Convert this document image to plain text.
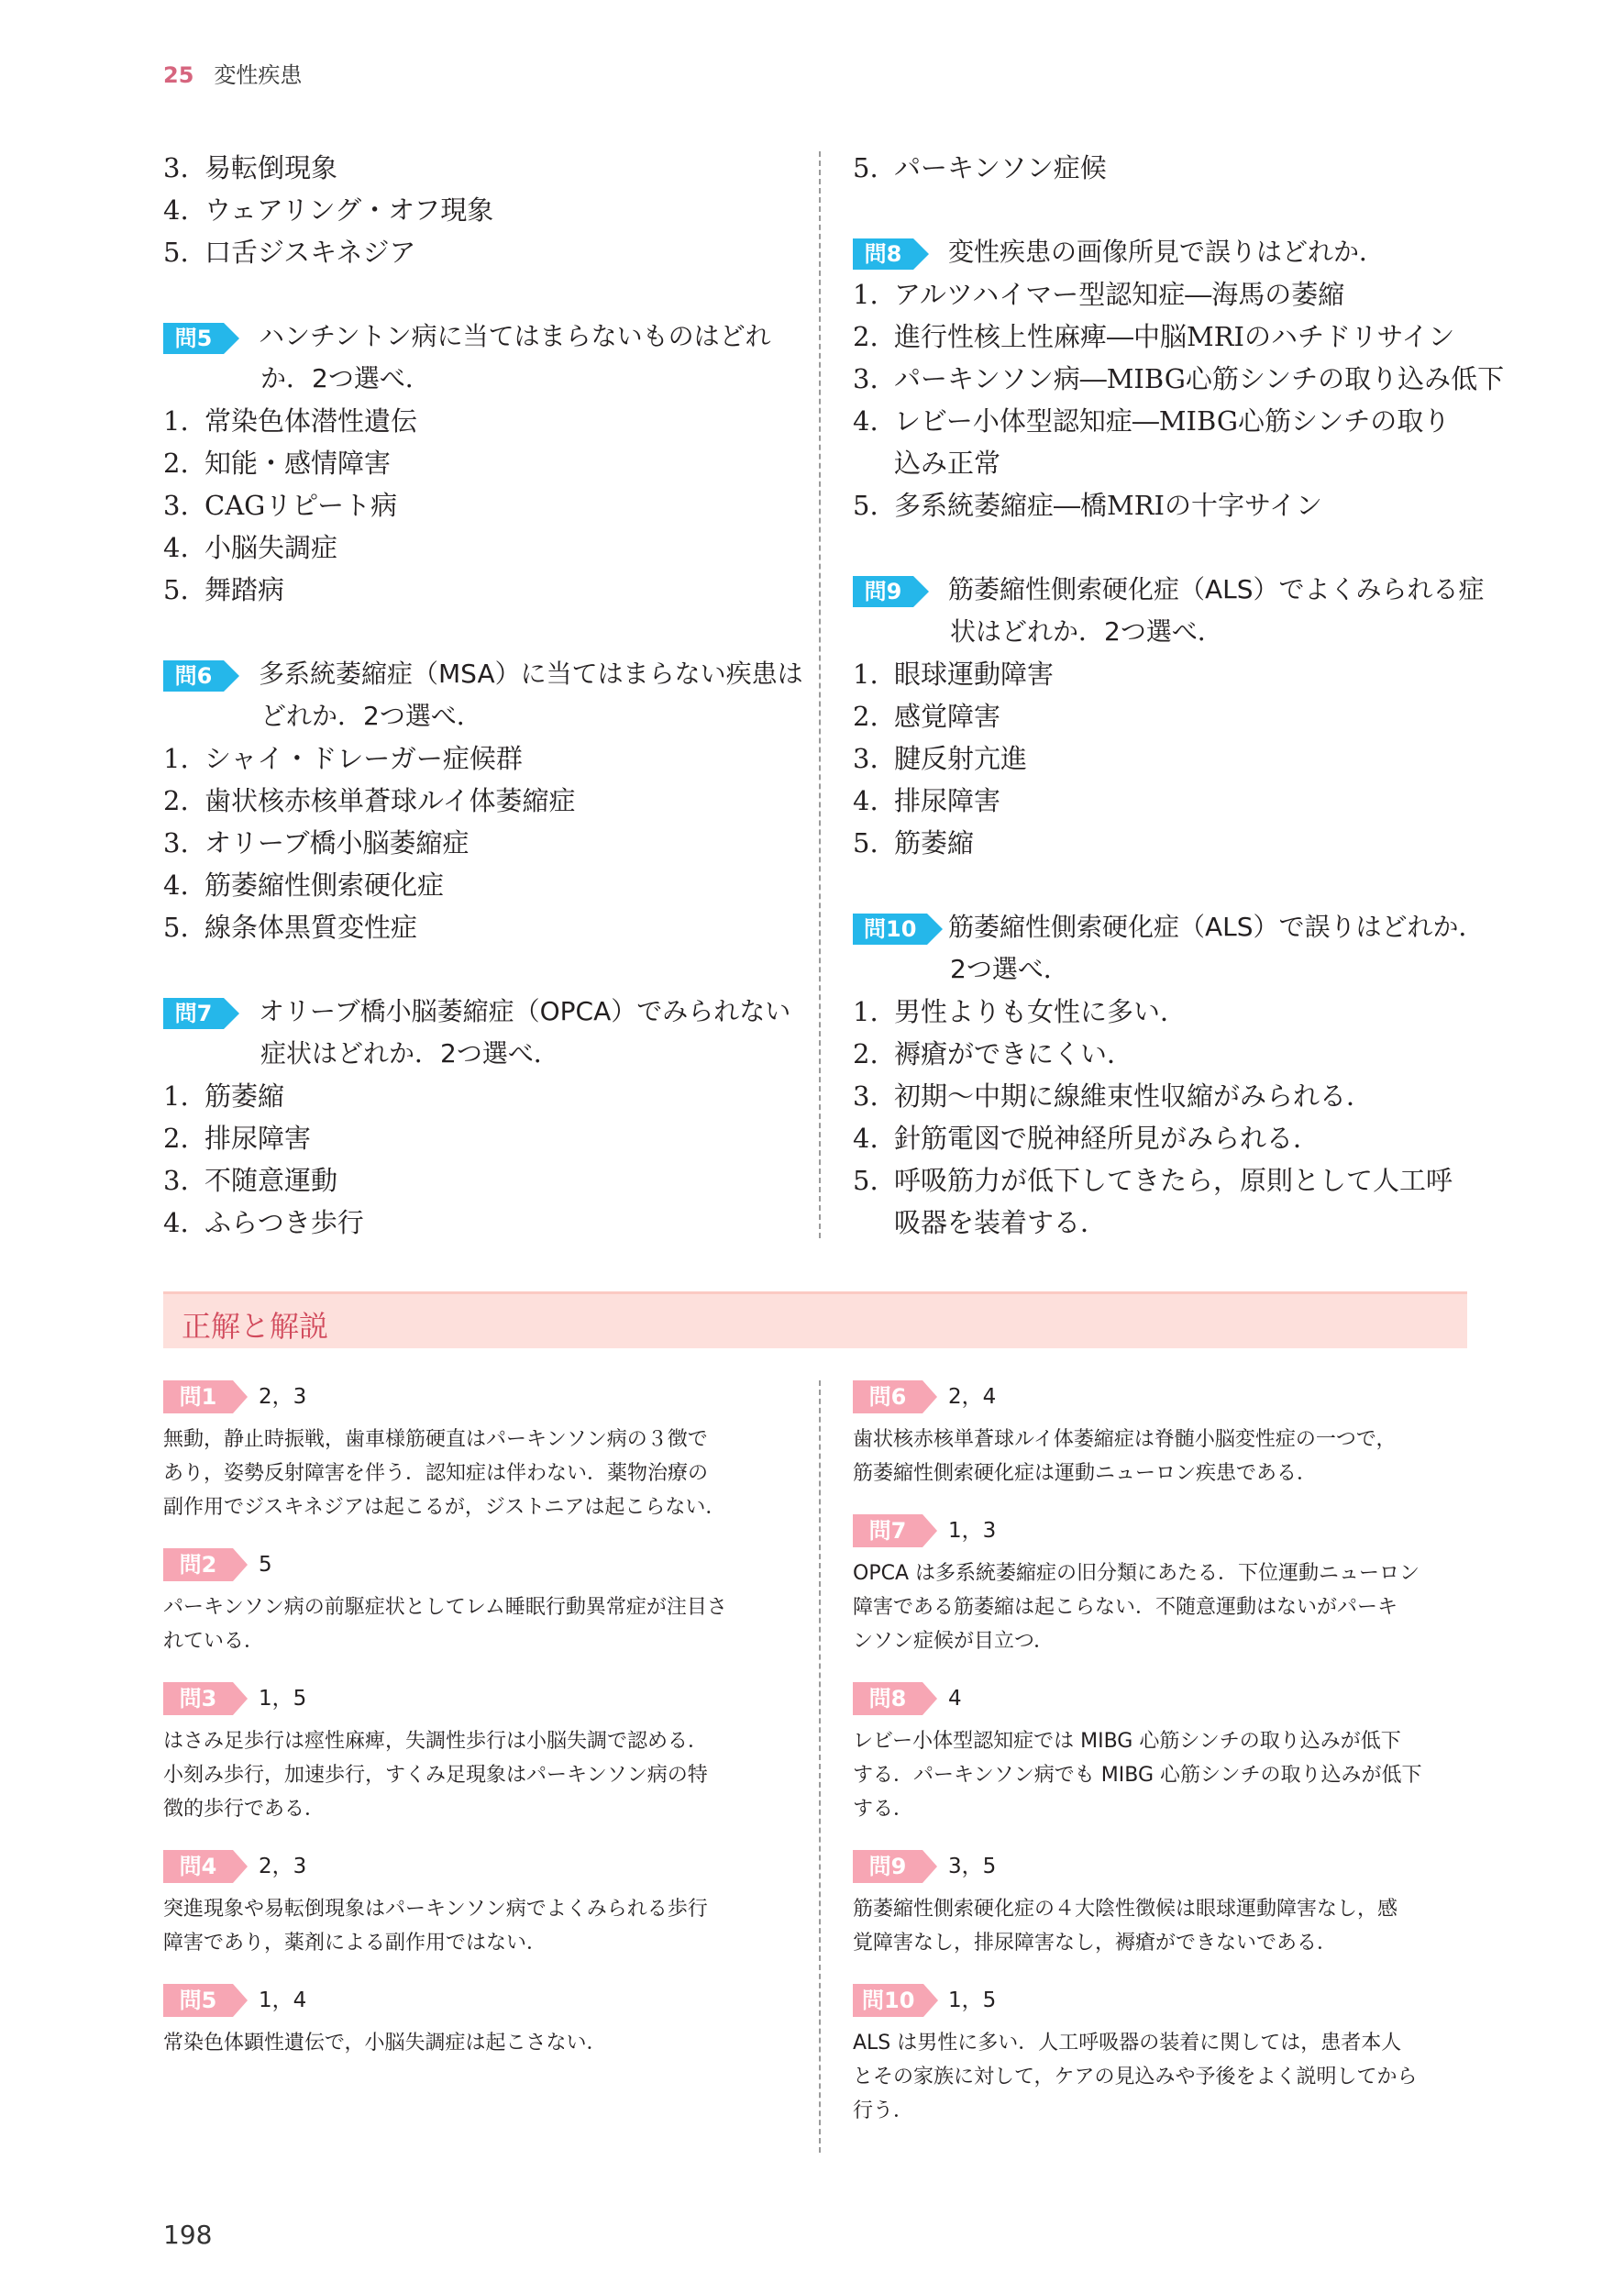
25 変性疾患
3. 易転倒現象
4. ウェアリング・オフ現象
5. 口舌ジスキネジア
問5	ハンチントン病に当てはまらないものはどれ
か．2つ選べ．
1. 常染色体潜性遺伝
2. 知能・感情障害
3. CAGリピート病
4. 小脳失調症
5. 舞踏病
問6	多系統萎縮症（MSA）に当てはまらない疾患は
どれか．2つ選べ．
1. シャイ・ドレーガー症候群
2. 歯状核赤核単蒼球ルイ体萎縮症
3. オリーブ橋小脳萎縮症
4. 筋萎縮性側索硬化症
5. 線条体黒質変性症
問7	オリーブ橋小脳萎縮症（OPCA）でみられない
症状はどれか．2つ選べ．
1. 筋萎縮
2. 排尿障害
3. 不随意運動
4. ふらつき歩行
5. パーキンソン症候
問8	変性疾患の画像所見で誤りはどれか．
1. アルツハイマー型認知症―海馬の萎縮
2. 進行性核上性麻痺―中脳MRIのハチドリサイン
3. パーキンソン病―MIBG心筋シンチの取り込み低下
4. レビー小体型認知症―MIBG心筋シンチの取り
込み正常
5. 多系統萎縮症―橋MRIの十字サイン
問9	筋萎縮性側索硬化症（ALS）でよくみられる症
状はどれか．2つ選べ．
1. 眼球運動障害
2. 感覚障害
3. 腱反射亢進
4. 排尿障害
5. 筋萎縮
問10	筋萎縮性側索硬化症（ALS）で誤りはどれか．
2つ選べ．
1. 男性よりも女性に多い．
2. 褥瘡ができにくい．
3. 初期〜中期に線維束性収縮がみられる．
4. 針筋電図で脱神経所見がみられる．
5. 呼吸筋力が低下してきたら，原則として人工呼
吸器を装着する．
正解と解説
問1	2，3
無動，静止時振戦，歯車様筋硬直はパーキンソン病の３徴で
あり，姿勢反射障害を伴う．認知症は伴わない．薬物治療の
副作用でジスキネジアは起こるが，ジストニアは起こらない．
問2	5
パーキンソン病の前駆症状としてレム睡眠行動異常症が注目さ
れている．
問3	1，5
はさみ足歩行は痙性麻痺，失調性歩行は小脳失調で認める．
小刻み歩行，加速歩行，すくみ足現象はパーキンソン病の特
徴的歩行である．
問4	2，3
突進現象や易転倒現象はパーキンソン病でよくみられる歩行
障害であり，薬剤による副作用ではない．
問5	1，4
常染色体顕性遺伝で，小脳失調症は起こさない．
問6	2，4
歯状核赤核単蒼球ルイ体萎縮症は脊髄小脳変性症の一つで，
筋萎縮性側索硬化症は運動ニューロン疾患である．
問7	1，3
OPCA は多系統萎縮症の旧分類にあたる．下位運動ニューロン
障害である筋萎縮は起こらない．不随意運動はないがパーキ
ンソン症候が目立つ．
問8	4
レビー小体型認知症では MIBG 心筋シンチの取り込みが低下
する．パーキンソン病でも MIBG 心筋シンチの取り込みが低下
する．
問9	3，5
筋萎縮性側索硬化症の４大陰性徴候は眼球運動障害なし，感
覚障害なし，排尿障害なし，褥瘡ができないである．
問10	1，5
ALS は男性に多い．人工呼吸器の装着に関しては，患者本人
とその家族に対して，ケアの見込みや予後をよく説明してから
行う．
198
